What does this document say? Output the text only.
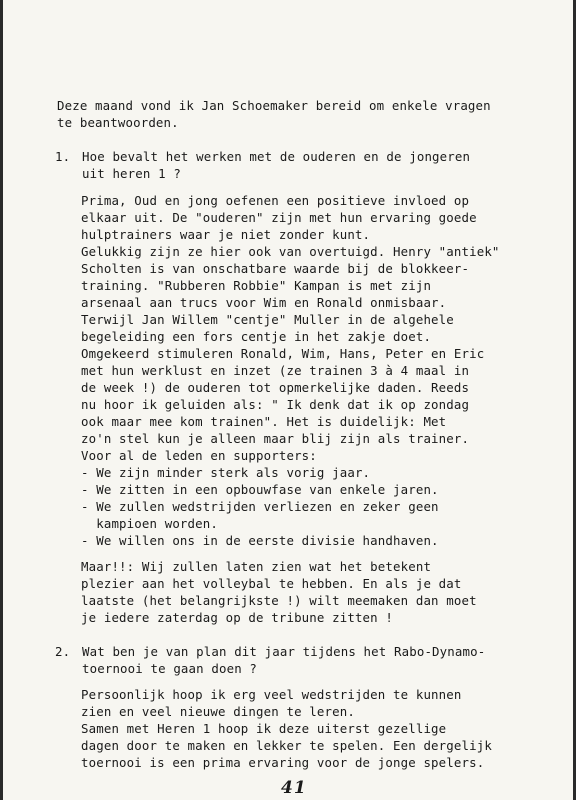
Deze maand vond ik Jan Schoemaker bereid om enkele vragen
te beantwoorden.
1. Hoe bevalt het werken met de ouderen en de jongeren
uit heren 1 ?
Prima, Oud en jong oefenen een positieve invloed op
elkaar uit. De "ouderen" zijn met hun ervaring goede
hulptrainers waar je niet zonder kunt.
Gelukkig zijn ze hier ook van overtuigd. Henry "antiek"
Scholten is van onschatbare waarde bij de blokkeer-
training. "Rubberen Robbie" Kampan is met zijn
arsenaal aan trucs voor Wim en Ronald onmisbaar.
Terwijl Jan Willem "centje" Muller in de algehele
begeleiding een fors centje in het zakje doet.
Omgekeerd stimuleren Ronald, Wim, Hans, Peter en Eric
met hun werklust en inzet (ze trainen 3 à 4 maal in
de week !) de ouderen tot opmerkelijke daden. Reeds
nu hoor ik geluiden als: " Ik denk dat ik op zondag
ook maar mee kom trainen". Het is duidelijk: Met
zo'n stel kun je alleen maar blij zijn als trainer.
Voor al de leden en supporters:
- We zijn minder sterk als vorig jaar.
- We zitten in een opbouwfase van enkele jaren.
- We zullen wedstrijden verliezen en zeker geen
kampioen worden.
- We willen ons in de eerste divisie handhaven.
Maar!!: Wij zullen laten zien wat het betekent
plezier aan het volleybal te hebben. En als je dat
laatste (het belangrijkste !) wilt meemaken dan moet
je iedere zaterdag op de tribune zitten !
2. Wat ben je van plan dit jaar tijdens het Rabo-Dynamo-
toernooi te gaan doen ?
Persoonlijk hoop ik erg veel wedstrijden te kunnen
zien en veel nieuwe dingen te leren.
Samen met Heren 1 hoop ik deze uiterst gezellige
dagen door te maken en lekker te spelen. Een dergelijk
toernooi is een prima ervaring voor de jonge spelers.
41
